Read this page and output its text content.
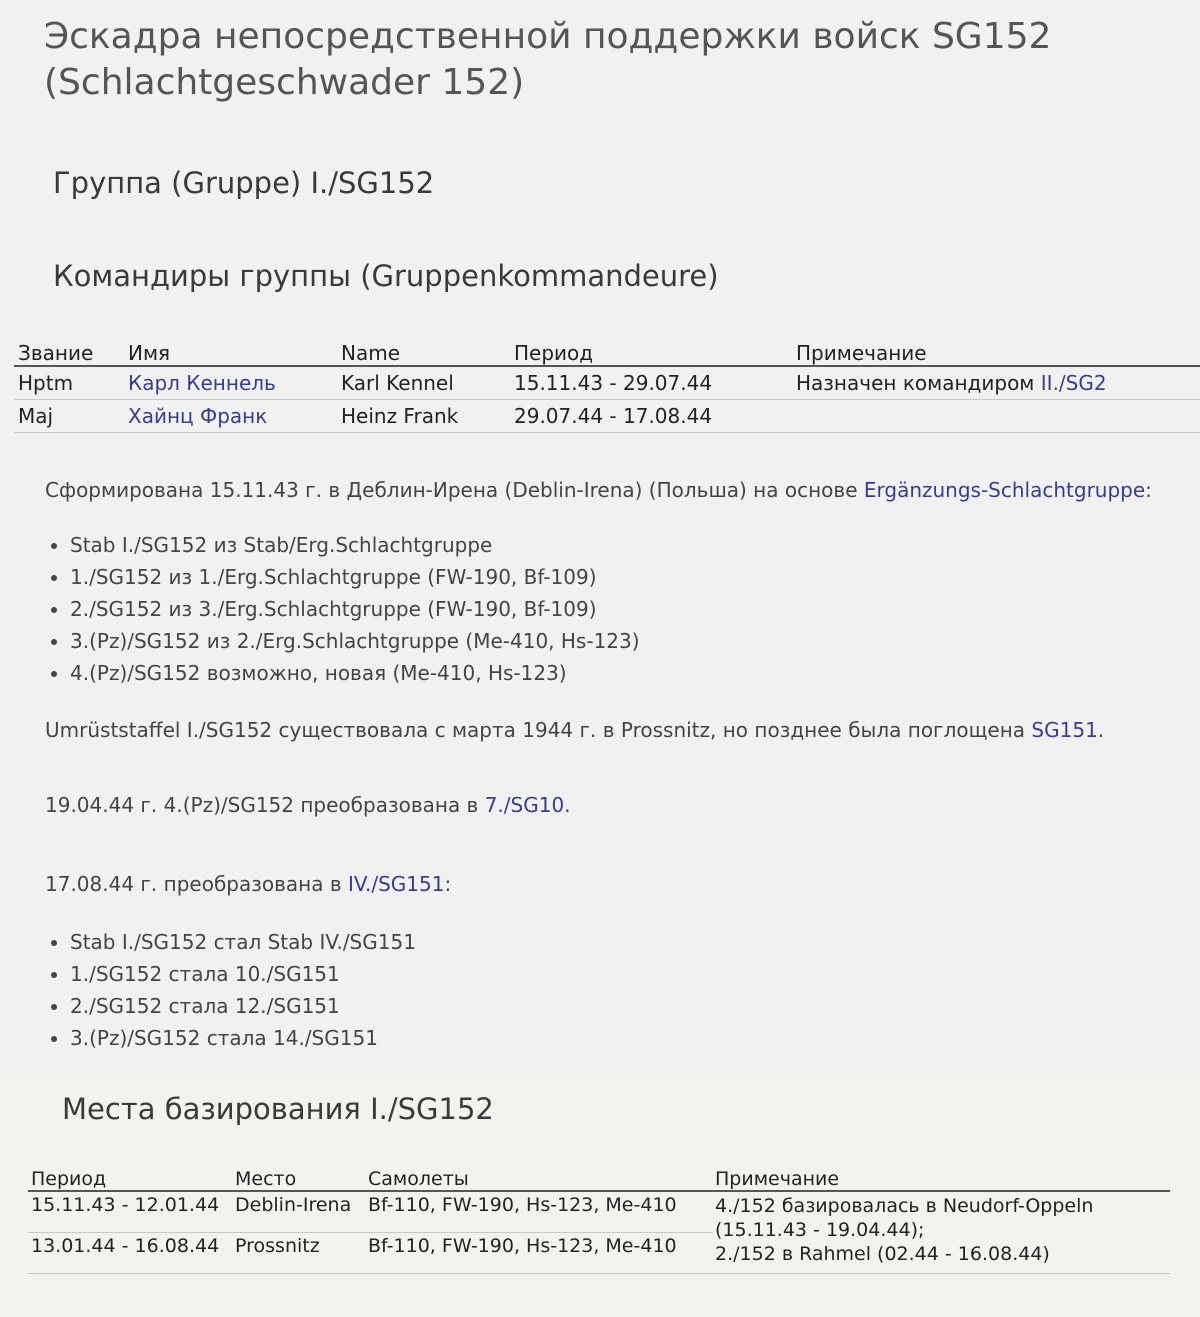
Эскадра непосредственной поддержки войск SG152 (Schlachtgeschwader 152)
Группа (Gruppe) I./SG152
Командиры группы (Gruppenkommandeure)
Звание	Имя	Name	Период	Примечание
Hptm	Карл Кеннель	Karl Kennel	15.11.43 - 29.07.44	Назначен командиром II./SG2
Maj	Хайнц Франк	Heinz Frank	29.07.44 - 17.08.44	

Сформирована 15.11.43 г. в Деблин-Ирена (Deblin-Irena) (Польша) на основе Ergänzungs-Schlachtgruppe:

• Stab I./SG152 из Stab/Erg.Schlachtgruppe
• 1./SG152 из 1./Erg.Schlachtgruppe (FW-190, Bf-109)
• 2./SG152 из 3./Erg.Schlachtgruppe (FW-190, Bf-109)
• 3.(Pz)/SG152 из 2./Erg.Schlachtgruppe (Me-410, Hs-123)
• 4.(Pz)/SG152 возможно, новая (Me-410, Hs-123)

Umrüststaffel I./SG152 существовала с марта 1944 г. в Prossnitz, но позднее была поглощена SG151.

19.04.44 г. 4.(Pz)/SG152 преобразована в 7./SG10.

17.08.44 г. преобразована в IV./SG151:

• Stab I./SG152 стал Stab IV./SG151
• 1./SG152 стала 10./SG151
• 2./SG152 стала 12./SG151
• 3.(Pz)/SG152 стала 14./SG151
Места базирования I./SG152
Период	Место	Самолеты	Примечание
15.11.43 - 12.01.44	Deblin-Irena	Bf-110, FW-190, Hs-123, Me-410	4./152 базировалась в Neudorf-Oppeln (15.11.43 - 19.04.44);
2./152 в Rahmel (02.44 - 16.08.44)
13.01.44 - 16.08.44	Prossnitz	Bf-110, FW-190, Hs-123, Me-410	
